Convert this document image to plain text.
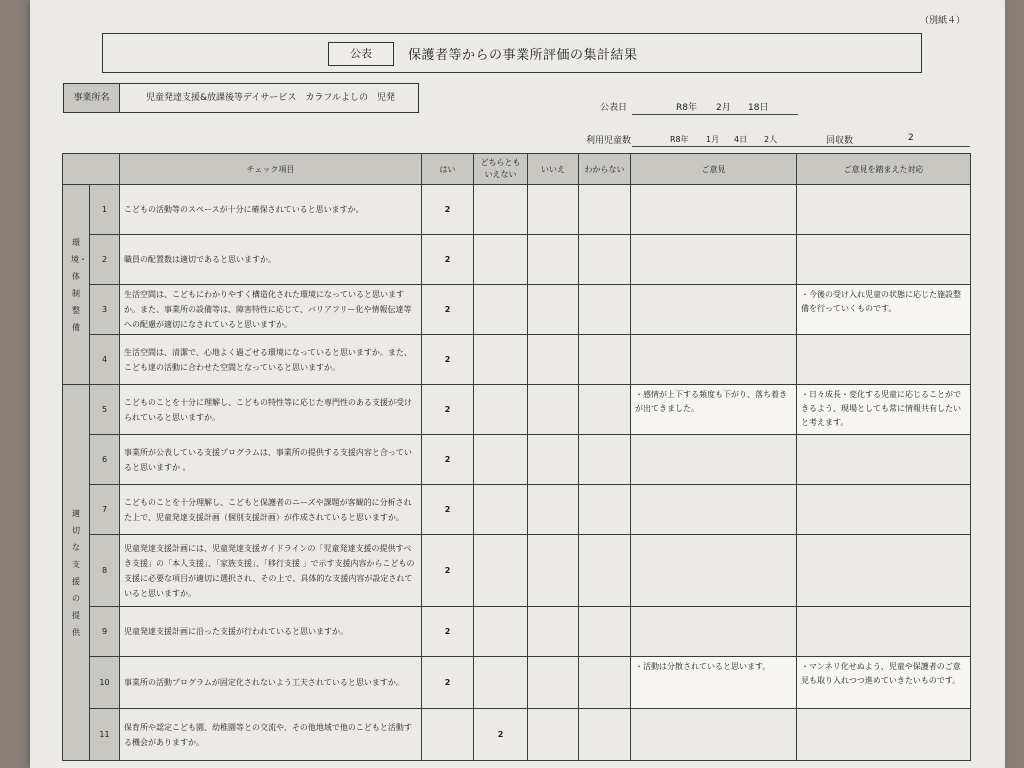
（別紙４）
公表	保護者等からの事業所評価の集計結果
事業所名	児童発達支援&放課後等デイサービス　カラフルよしの　児発
公表日	R8年 2月 18日
利用児童数	R8年 1月 4日 2人	回収数	2
		チェック項目	はい	どちらとも
いえない	いいえ	わからない	ご意見	ご意見を踏まえた対応
環境・体制整備	1	こどもの活動等のスペースが十分に確保されていると思いますか。	2					
	2	職員の配置数は適切であると思いますか。	2					
	3	生活空間は、こどもにわかりやすく構造化された環境になっていると思いますか。また、事業所の設備等は、障害特性に応じて、バリアフリー化や情報伝達等への配慮が適切になされていると思いますか。	2					・今後の受け入れ児童の状態に応じた施設整備を行っていくものです。
	4	生活空間は、清潔で、心地よく過ごせる環境になっていると思いますか。また、こども達の活動に合わせた空間となっていると思いますか。	2					
適切な支援の提供	5	こどものことを十分に理解し、こどもの特性等に応じた専門性のある支援が受けられていると思いますか。	2				・感情が上下する頻度も下がり、落ち着きが出てきました。	・日々成長・変化する児童に応じることができるよう、現場としても常に情報共有したいと考えます。
	6	事業所が公表している支援プログラムは、事業所の提供する支援内容と合っていると思いますか 。	2					
	7	こどものことを十分理解し、こどもと保護者のニーズや課題が客観的に分析された上で、児童発達支援計画（個別支援計画）が作成されていると思いますか。	2					
	8	児童発達支援計画には、児童発達支援ガイドラインの「児童発達支援の提供すべき支援」の「本人支援」、「家族支援」、「移行支援 」で示す支援内容からこどもの支援に必要な項目が適切に選択され、その上で、具体的な支援内容が設定されていると思いますか。	2					
	9	児童発達支援計画に沿った支援が行われていると思いますか。	2					
	10	事業所の活動プログラムが固定化されないよう工夫されていると思いますか。	2				・活動は分散されていると思います。	・マンネリ化せぬよう、児童や保護者のご意見も取り入れつつ進めていきたいものです。
	11	保育所や認定こども園、幼稚園等との交流や、その他地域で他のこどもと活動する機会がありますか。		2				
